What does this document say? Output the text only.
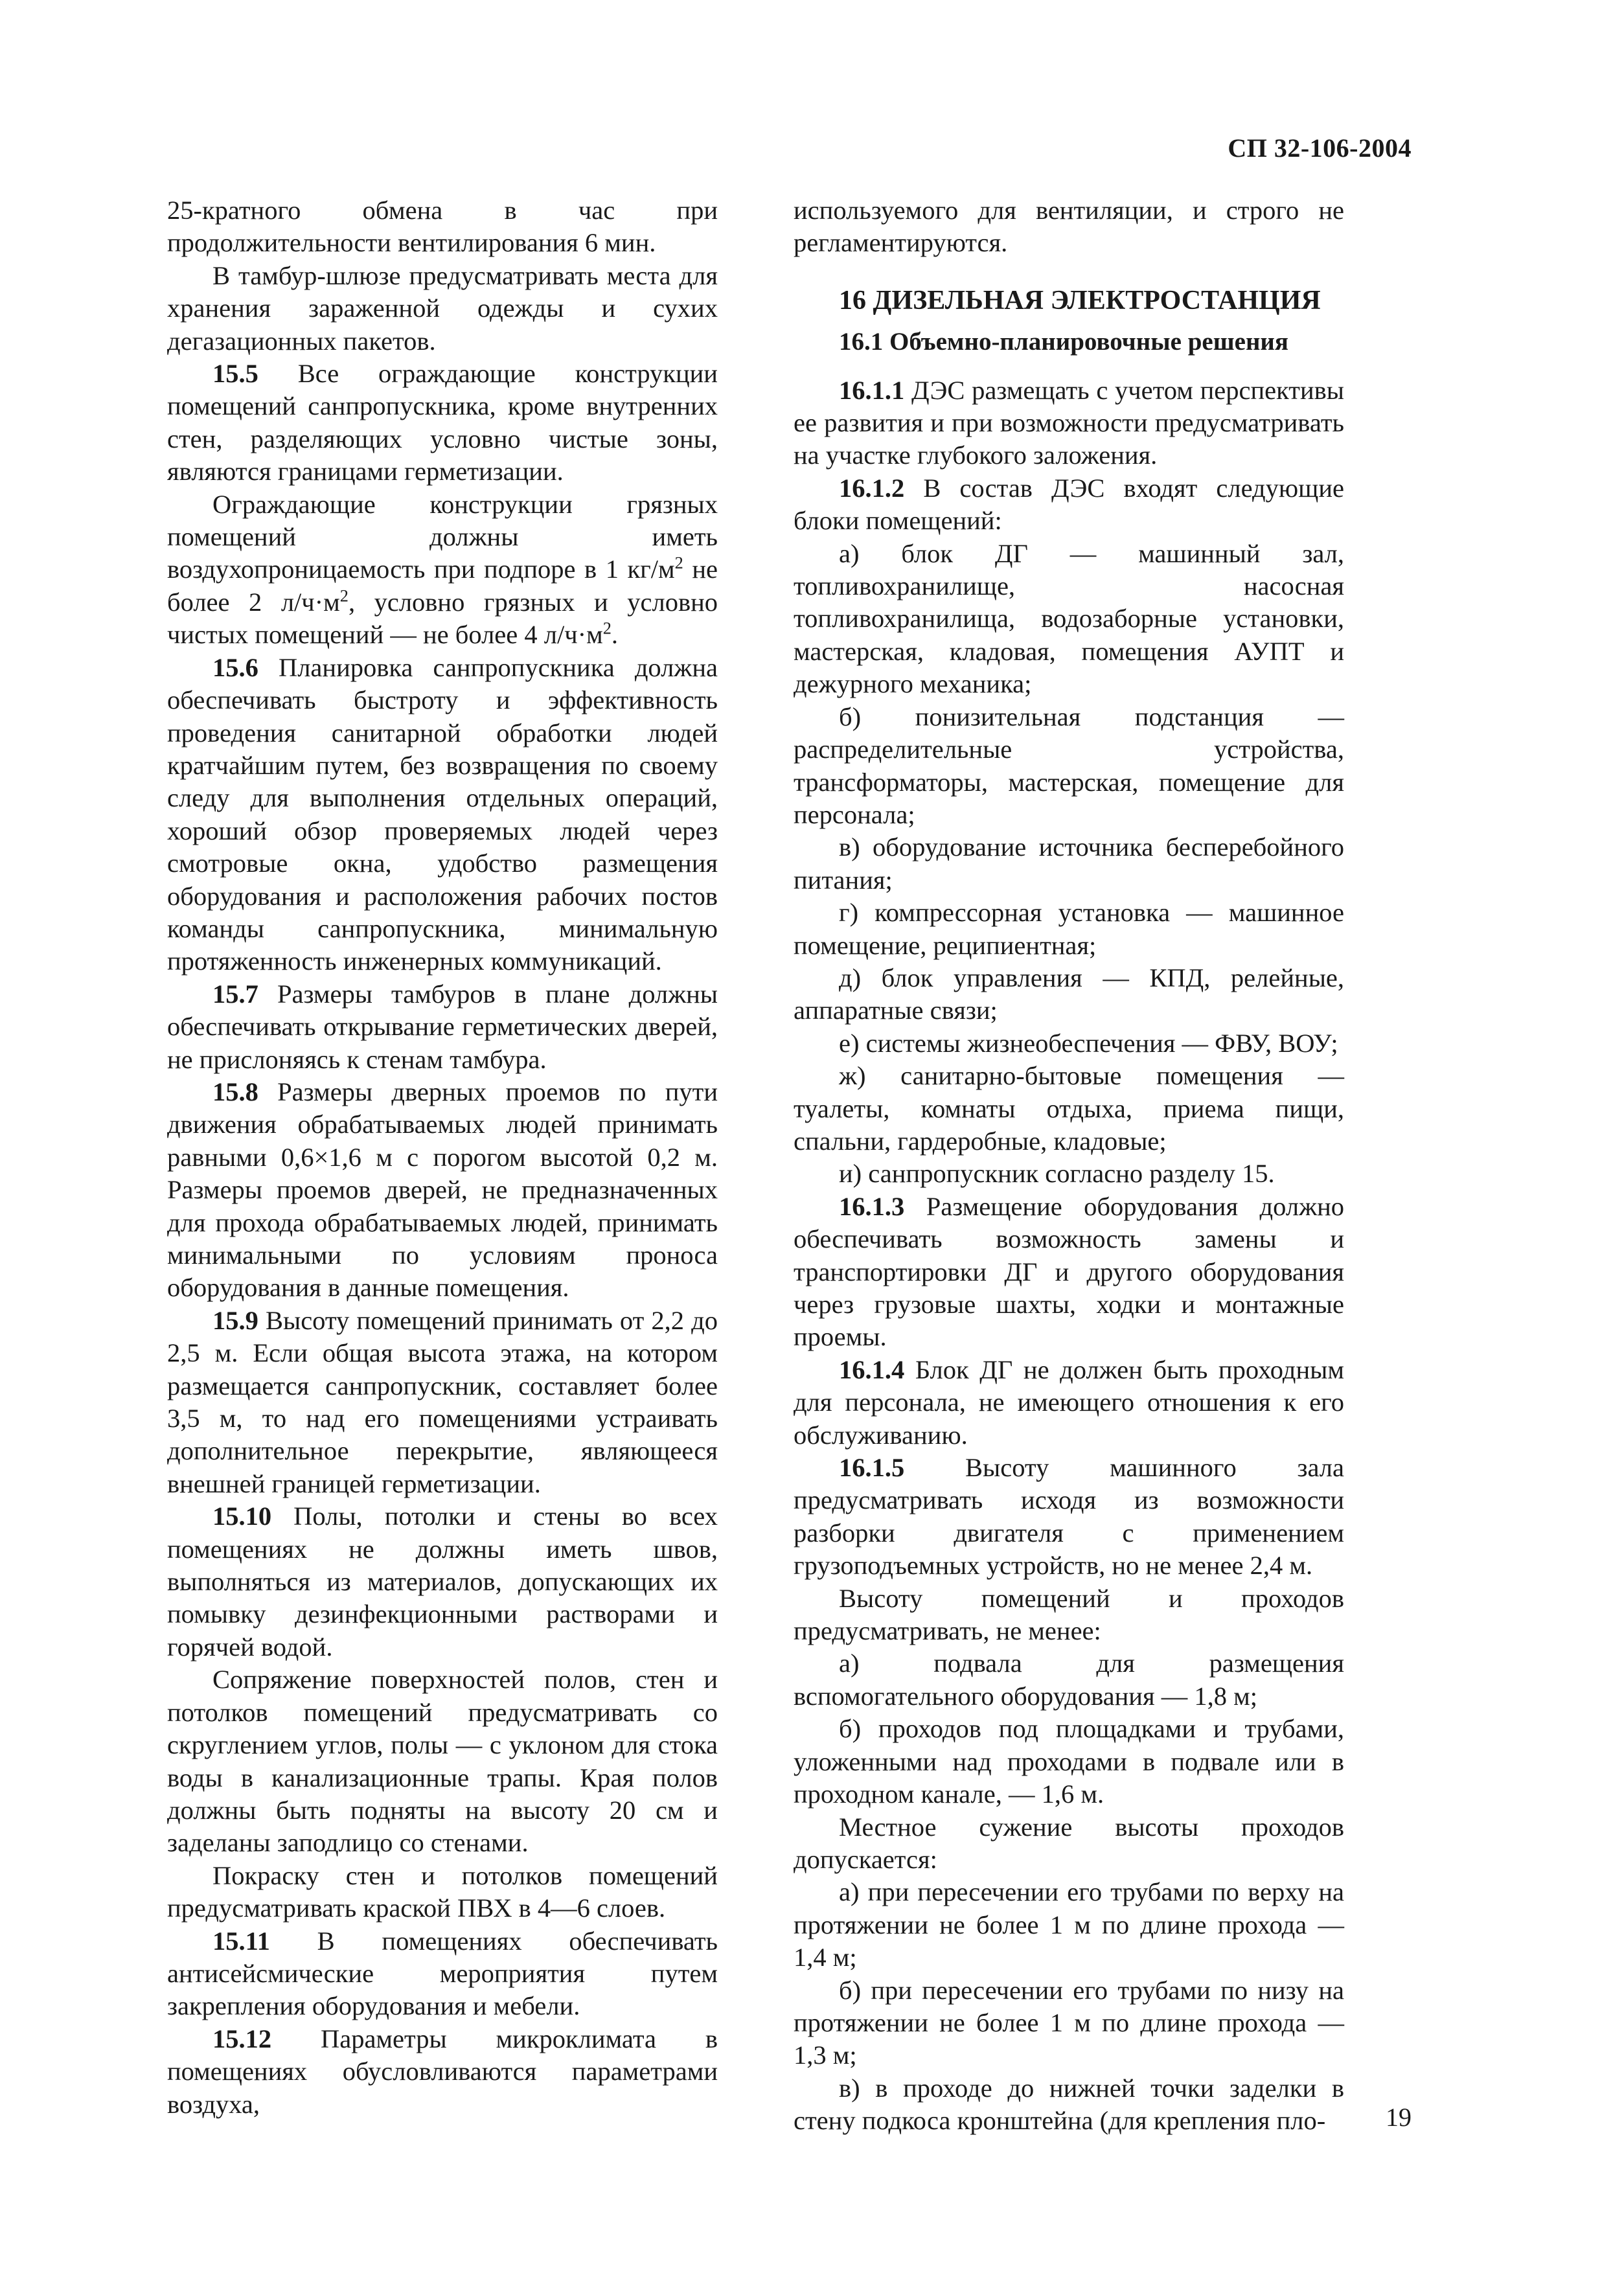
СП 32-106-2004

25-кратного обмена в час при продолжительности вентилирования 6 мин.

В тамбур-шлюзе предусматривать места для хранения зараженной одежды и сухих дегазационных пакетов.

15.5 Все ограждающие конструкции помещений санпропускника, кроме внутренних стен, разделяющих условно чистые зоны, являются границами герметизации.

Ограждающие конструкции грязных помещений должны иметь воздухопроницаемость при подпоре в 1 $кг/м^2$ не более 2 $л/ч\cdot м^2$, условно грязных и условно чистых помещений — не более 4 $л/ч\cdot м^2$.

15.6 Планировка санпропускника должна обеспечивать быстроту и эффективность проведения санитарной обработки людей кратчайшим путем, без возвращения по своему следу для выполнения отдельных операций, хороший обзор проверяемых людей через смотровые окна, удобство размещения оборудования и расположения рабочих постов команды санпропускника, минимальную протяженность инженерных коммуникаций.

15.7 Размеры тамбуров в плане должны обеспечивать открывание герметических дверей, не прислоняясь к стенам тамбура.

15.8 Размеры дверных проемов по пути движения обрабатываемых людей принимать равными 0,6×1,6 м с порогом высотой 0,2 м. Размеры проемов дверей, не предназначенных для прохода обрабатываемых людей, принимать минимальными по условиям проноса оборудования в данные помещения.

15.9 Высоту помещений принимать от 2,2 до 2,5 м. Если общая высота этажа, на котором размещается санпропускник, составляет более 3,5 м, то над его помещениями устраивать дополнительное перекрытие, являющееся внешней границей герметизации.

15.10 Полы, потолки и стены во всех помещениях не должны иметь швов, выполняться из материалов, допускающих их помывку дезинфекционными растворами и горячей водой.

Сопряжение поверхностей полов, стен и потолков помещений предусматривать со скруглением углов, полы — с уклоном для стока воды в канализационные трапы. Края полов должны быть подняты на высоту 20 см и заделаны заподлицо со стенами.

Покраску стен и потолков помещений предусматривать краской ПВХ в 4—6 слоев.

15.11 В помещениях обеспечивать антисейсмические мероприятия путем закрепления оборудования и мебели.

15.12 Параметры микроклимата в помещениях обусловливаются параметрами воздуха,

используемого для вентиляции, и строго не регламентируются.

16 ДИЗЕЛЬНАЯ ЭЛЕКТРОСТАНЦИЯ
16.1 Объемно-планировочные решения

16.1.1 ДЭС размещать с учетом перспективы ее развития и при возможности предусматривать на участке глубокого заложения.

16.1.2 В состав ДЭС входят следующие блоки помещений:

а) блок ДГ — машинный зал, топливохранилище, насосная топливохранилища, водозаборные установки, мастерская, кладовая, помещения АУПТ и дежурного механика;

б) понизительная подстанция — распределительные устройства, трансформаторы, мастерская, помещение для персонала;

в) оборудование источника бесперебойного питания;

г) компрессорная установка — машинное помещение, реципиентная;

д) блок управления — КПД, релейные, аппаратные связи;

е) системы жизнеобеспечения — ФВУ, ВОУ;

ж) санитарно-бытовые помещения — туалеты, комнаты отдыха, приема пищи, спальни, гардеробные, кладовые;

и) санпропускник согласно разделу 15.

16.1.3 Размещение оборудования должно обеспечивать возможность замены и транспортировки ДГ и другого оборудования через грузовые шахты, ходки и монтажные проемы.

16.1.4 Блок ДГ не должен быть проходным для персонала, не имеющего отношения к его обслуживанию.

16.1.5 Высоту машинного зала предусматривать исходя из возможности разборки двигателя с применением грузоподъемных устройств, но не менее 2,4 м.

Высоту помещений и проходов предусматривать, не менее:

а) подвала для размещения вспомогательного оборудования — 1,8 м;

б) проходов под площадками и трубами, уложенными над проходами в подвале или в проходном канале, — 1,6 м.

Местное сужение высоты проходов допускается:

а) при пересечении его трубами по верху на протяжении не более 1 м по длине прохода — 1,4 м;

б) при пересечении его трубами по низу на протяжении не более 1 м по длине прохода — 1,3 м;

в) в проходе до нижней точки заделки в стену подкоса кронштейна (для крепления пло-	19
